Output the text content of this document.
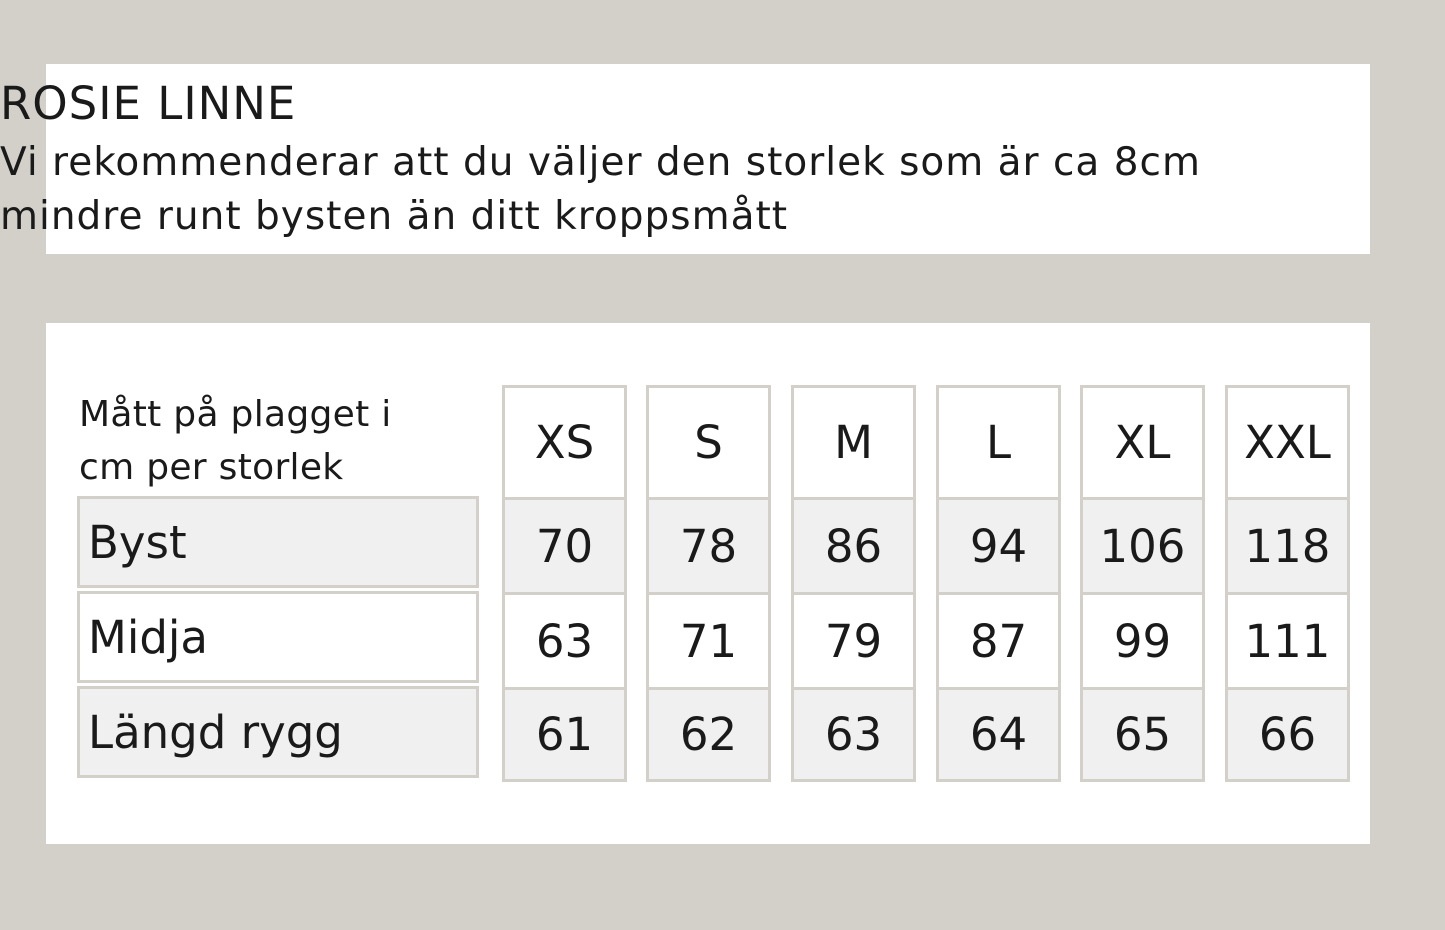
ROSIE LINNE

Vi rekommenderar att du väljer den storlek som är ca 8cm

mindre runt bysten än ditt kroppsmått

Mått på plagget i
cm per storlek
Byst
Midja
Längd rygg
XS
70
63
61
S
78
71
62
M
86
79
63
L
94
87
64
XL
106
99
65
XXL
118
111
66
